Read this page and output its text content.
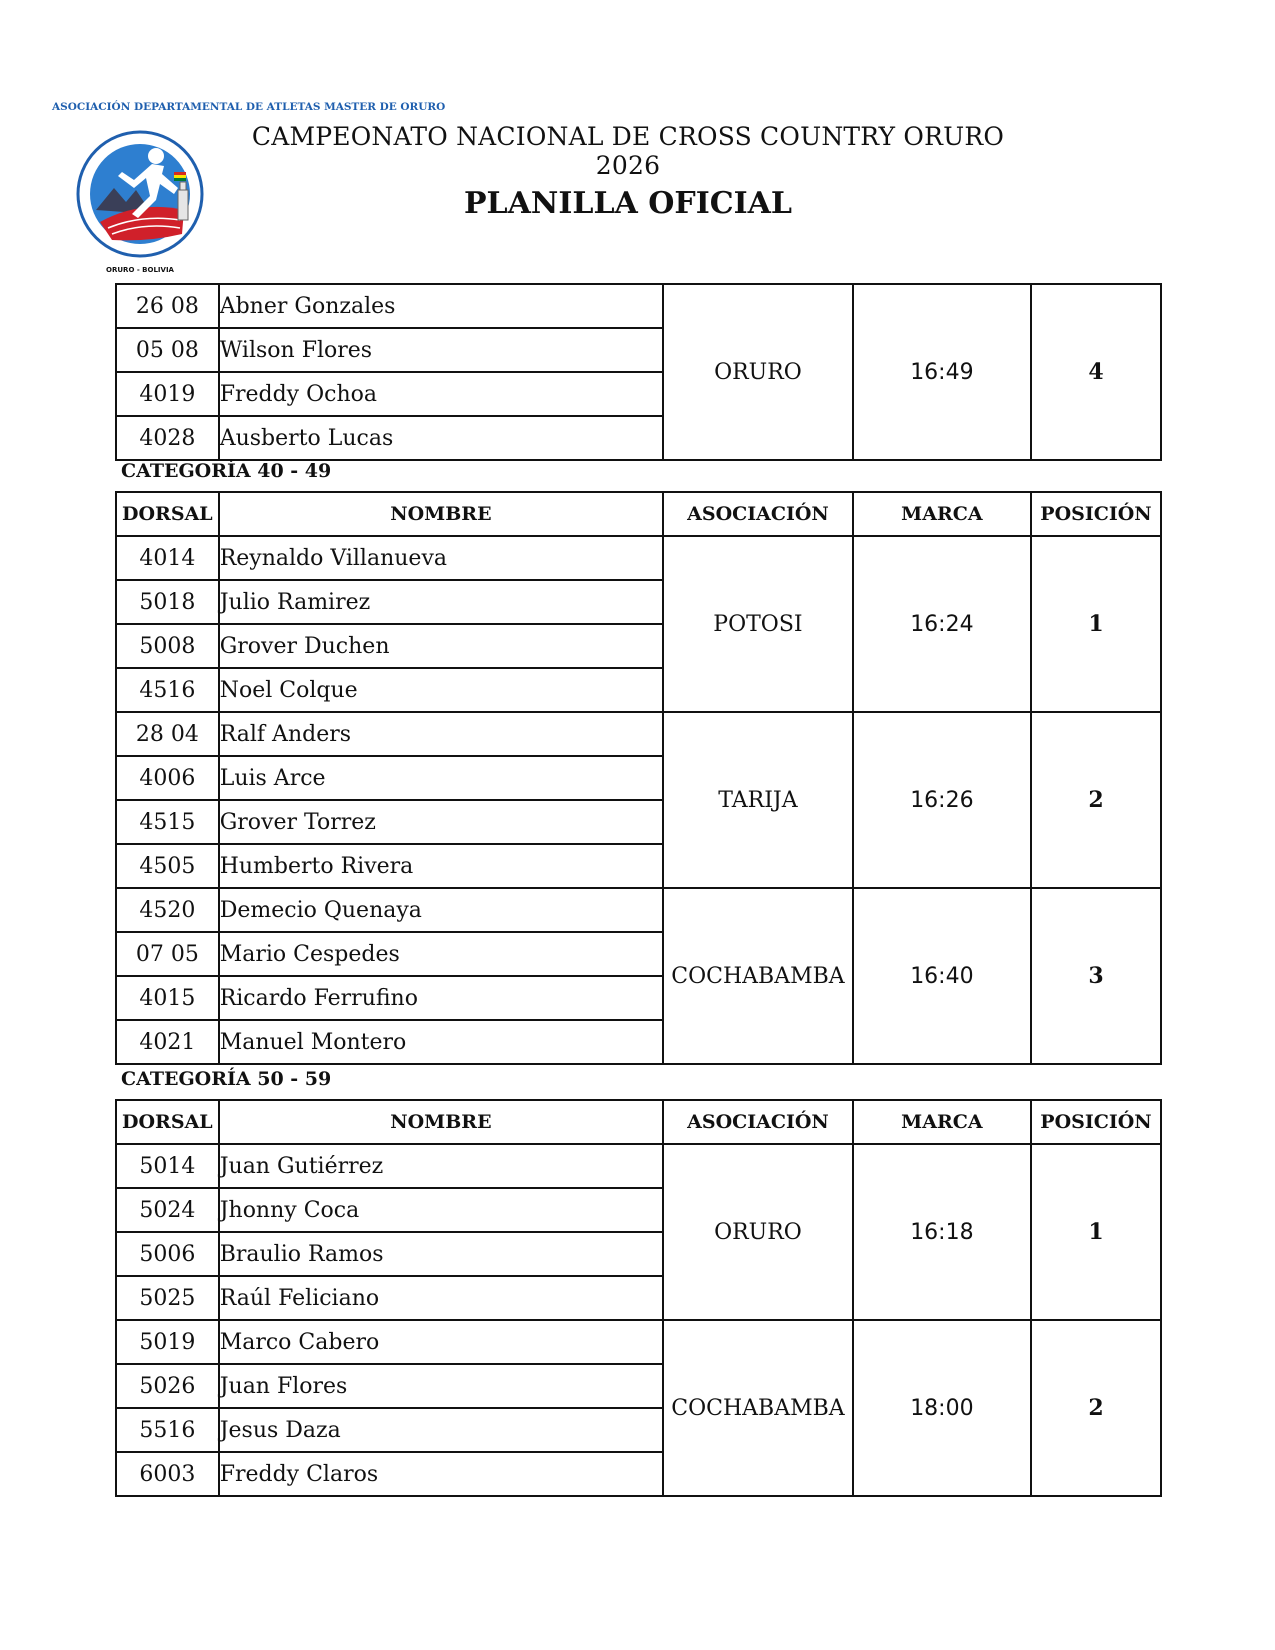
ASOCIACIÓN DEPARTAMENTAL DE ATLETAS MASTER DE ORURO
ORURO - BOLIVIA
CAMPEONATO NACIONAL DE CROSS COUNTRY ORURO 2026
PLANILLA OFICIAL
26 08	Abner Gonzales	ORURO	16:49	4
05 08	Wilson Flores			
4019	Freddy Ochoa			
4028	Ausberto Lucas			
CATEGORÍA 40 - 49
DORSAL	NOMBRE	ASOCIACIÓN	MARCA	POSICIÓN
4014	Reynaldo Villanueva	POTOSI	16:24	1
5018	Julio Ramirez			
5008	Grover Duchen			
4516	Noel Colque			
28 04	Ralf Anders	TARIJA	16:26	2
4006	Luis Arce			
4515	Grover Torrez			
4505	Humberto Rivera			
4520	Demecio Quenaya	COCHABAMBA	16:40	3
07 05	Mario Cespedes			
4015	Ricardo Ferrufino			
4021	Manuel Montero			
CATEGORÍA 50 - 59
DORSAL	NOMBRE	ASOCIACIÓN	MARCA	POSICIÓN
5014	Juan Gutiérrez	ORURO	16:18	1
5024	Jhonny Coca			
5006	Braulio Ramos			
5025	Raúl Feliciano			
5019	Marco Cabero	COCHABAMBA	18:00	2
5026	Juan Flores			
5516	Jesus Daza			
6003	Freddy Claros			
